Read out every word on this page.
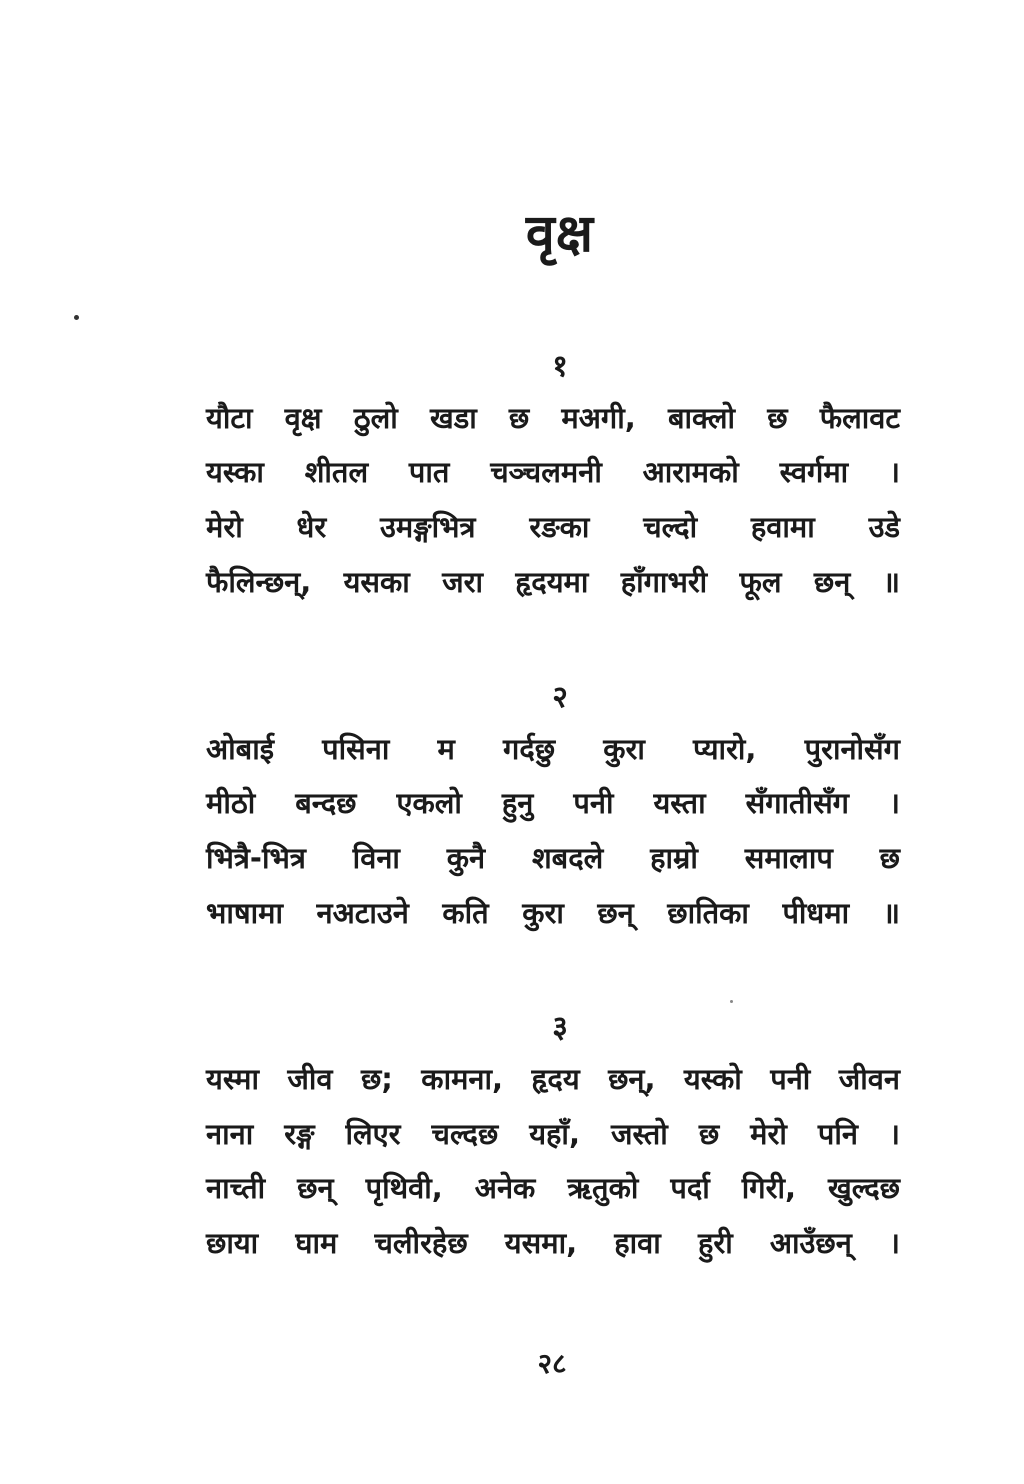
वृक्ष
१
यौटा वृक्ष ठुलो खडा छ मअगी, बाक्लो छ फैलावट
यस्का शीतल पात चञ्चलमनी आरामको स्वर्गमा ।
मेरो धेर उमङ्गभित्र रङका चल्दो हवामा उडे
फैलिन्छन्, यसका जरा हृदयमा हाँगाभरी फूल छन् ॥
२
ओबाई पसिना म गर्दछु कुरा प्यारो, पुरानोसँग
मीठो बन्दछ एकलो हुनु पनी यस्ता सँगातीसँग ।
भित्रै-भित्र विना कुनै शबदले हाम्रो समालाप छ
भाषामा नअटाउने कति कुरा छन् छातिका पीधमा ॥
३
यस्मा जीव छ; कामना, हृदय छन्, यस्को पनी जीवन
नाना रङ्ग लिएर चल्दछ यहाँ, जस्तो छ मेरो पनि ।
नाच्ती छन् पृथिवी, अनेक ऋतुको पर्दा गिरी, खुल्दछ
छाया घाम चलीरहेछ यसमा, हावा हुरी आउँछन् ।
२८
